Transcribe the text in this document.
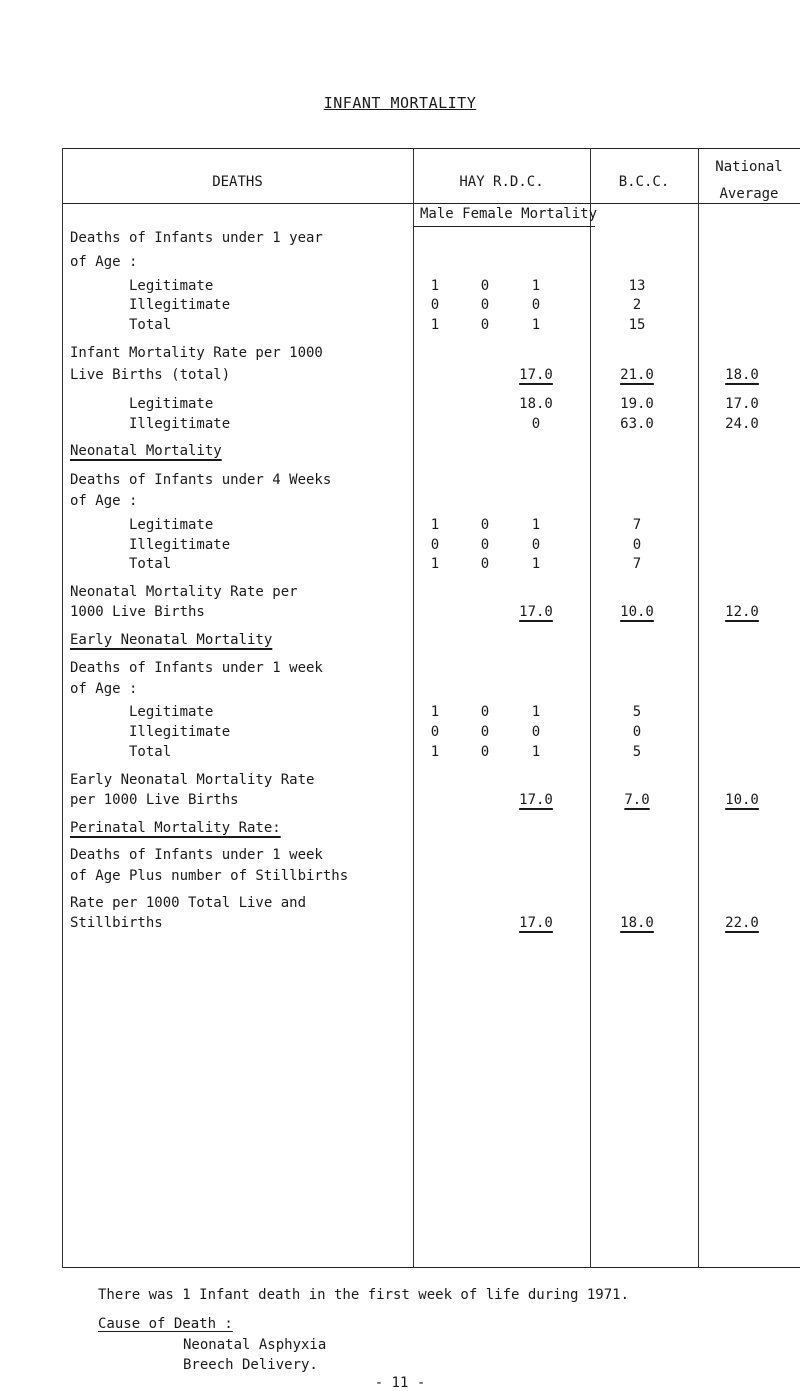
INFANT MORTALITY
DEATHS	HAY R.D.C.	B.C.C.
National
Average
Male Female Mortality
Deaths of Infants under 1 year
of Age :
Legitimate	1	0	1	13
Illegitimate	0	0	0	2
Total	1	0	1	15
Infant Mortality Rate per 1000
Live Births (total)	17.0	21.0	18.0
Legitimate	18.0	19.0	17.0
Illegitimate	0	63.0	24.0
Neonatal Mortality
Deaths of Infants under 4 Weeks
of Age :
Legitimate	1	0	1	7
Illegitimate	0	0	0	0
Total	1	0	1	7
Neonatal Mortality Rate per
1000 Live Births	17.0	10.0	12.0
Early Neonatal Mortality
Deaths of Infants under 1 week
of Age :
Legitimate	1	0	1	5
Illegitimate	0	0	0	0
Total	1	0	1	5
Early Neonatal Mortality Rate
per 1000 Live Births	17.0	7.0	10.0
Perinatal Mortality Rate:
Deaths of Infants under 1 week
of Age Plus number of Stillbirths
Rate per 1000 Total Live and
Stillbirths	17.0	18.0	22.0
There was 1 Infant death in the first week of life during 1971.
Cause of Death :
Neonatal Asphyxia
Breech Delivery.
- 11 -
